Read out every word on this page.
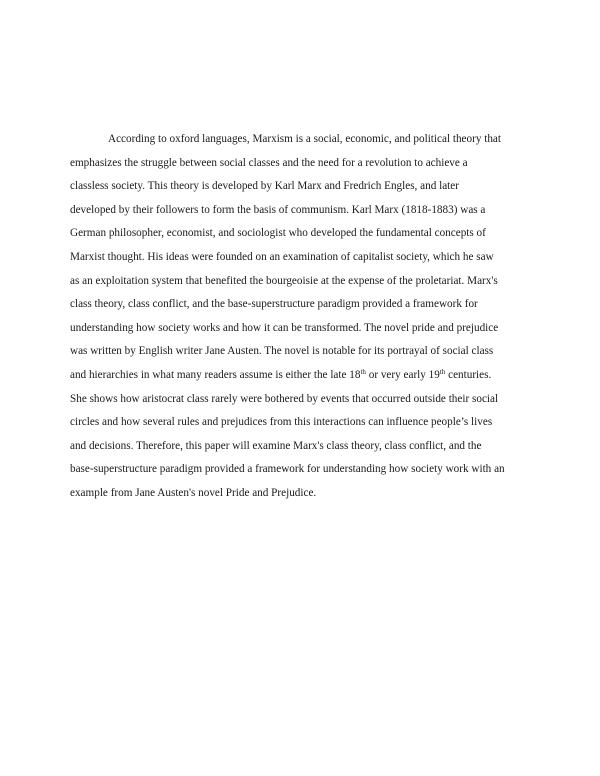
According to oxford languages, Marxism is a social, economic, and political theory that
emphasizes the struggle between social classes and the need for a revolution to achieve a
classless society. This theory is developed by Karl Marx and Fredrich Engles, and later
developed by their followers to form the basis of communism. Karl Marx (1818-1883) was a
German philosopher, economist, and sociologist who developed the fundamental concepts of
Marxist thought. His ideas were founded on an examination of capitalist society, which he saw
as an exploitation system that benefited the bourgeoisie at the expense of the proletariat. Marx's
class theory, class conflict, and the base-superstructure paradigm provided a framework for
understanding how society works and how it can be transformed. The novel pride and prejudice
was written by English writer Jane Austen. The novel is notable for its portrayal of social class
and hierarchies in what many readers assume is either the late 18th or very early 19th centuries.
She shows how aristocrat class rarely were bothered by events that occurred outside their social
circles and how several rules and prejudices from this interactions can influence people’s lives
and decisions. Therefore, this paper will examine Marx's class theory, class conflict, and the
base-superstructure paradigm provided a framework for understanding how society work with an
example from Jane Austen's novel Pride and Prejudice.
